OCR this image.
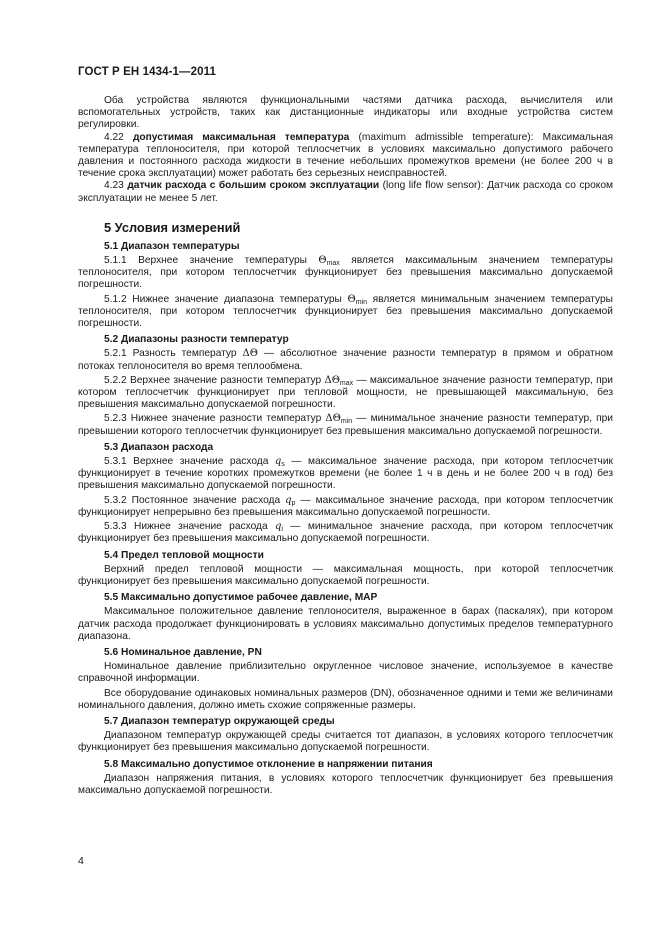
ГОСТ Р ЕН 1434-1—2011

Оба устройства являются функциональными частями датчика расхода, вычислителя или вспомогательных устройств, таких как дистанционные индикаторы или входные устройства систем регулировки.

4.22 допустимая максимальная температура (maximum admissible temperature): Максимальная температура теплоносителя, при которой теплосчетчик в условиях максимально допустимого рабочего давления и постоянного расхода жидкости в течение небольших промежутков времени (не более 200 ч в течение срока эксплуатации) может работать без серьезных неисправностей.

4.23 датчик расхода с большим сроком эксплуатации (long life flow sensor): Датчик расхода со сроком эксплуатации не менее 5 лет.

5 Условия измерений

5.1 Диапазон температуры

5.1.1 Верхнее значение температуры $\Theta_{max}$ является максимальным значением температуры теплоносителя, при котором теплосчетчик функционирует без превышения максимально допускаемой погрешности.

5.1.2 Нижнее значение диапазона температуры $\Theta_{min}$ является минимальным значением температуры теплоносителя, при котором теплосчетчик функционирует без превышения максимально допускаемой погрешности.

5.2 Диапазоны разности температур

5.2.1 Разность температур ΔΘ — абсолютное значение разности температур в прямом и обратном потоках теплоносителя во время теплообмена.

5.2.2 Верхнее значение разности температур $\Delta\Theta_{max}$ — максимальное значение разности температур, при котором теплосчетчик функционирует при тепловой мощности, не превышающей максимальную, без превышения максимально допускаемой погрешности.

5.2.3 Нижнее значение разности температур $\Delta\Theta_{min}$ — минимальное значение разности температур, при превышении которого теплосчетчик функционирует без превышения максимально допускаемой погрешности.

5.3 Диапазон расхода

5.3.1 Верхнее значение расхода $q_s$ — максимальное значение расхода, при котором теплосчетчик функционирует в течение коротких промежутков времени (не более 1 ч в день и не более 200 ч в год) без превышения максимально допускаемой погрешности.

5.3.2 Постоянное значение расхода $q_p$ — максимальное значение расхода, при котором теплосчетчик функционирует непрерывно без превышения максимально допускаемой погрешности.

5.3.3 Нижнее значение расхода $q_i$ — минимальное значение расхода, при котором теплосчетчик функционирует без превышения максимально допускаемой погрешности.

5.4 Предел тепловой мощности

Верхний предел тепловой мощности — максимальная мощность, при которой теплосчетчик функционирует без превышения максимально допускаемой погрешности.

5.5 Максимально допустимое рабочее давление, МАР

Максимальное положительное давление теплоносителя, выраженное в барах (паскалях), при котором датчик расхода продолжает функционировать в условиях максимально допустимых пределов температурного диапазона.

5.6 Номинальное давление, PN

Номинальное давление приблизительно округленное числовое значение, используемое в качестве справочной информации.

Все оборудование одинаковых номинальных размеров (DN), обозначенное одними и теми же величинами номинального давления, должно иметь схожие сопряженные размеры.

5.7 Диапазон температур окружающей среды

Диапазоном температур окружающей среды считается тот диапазон, в условиях которого теплосчетчик функционирует без превышения максимально допускаемой погрешности.

5.8 Максимально допустимое отклонение в напряжении питания

Диапазон напряжения питания, в условиях которого теплосчетчик функционирует без превышения максимально допускаемой погрешности.

4
